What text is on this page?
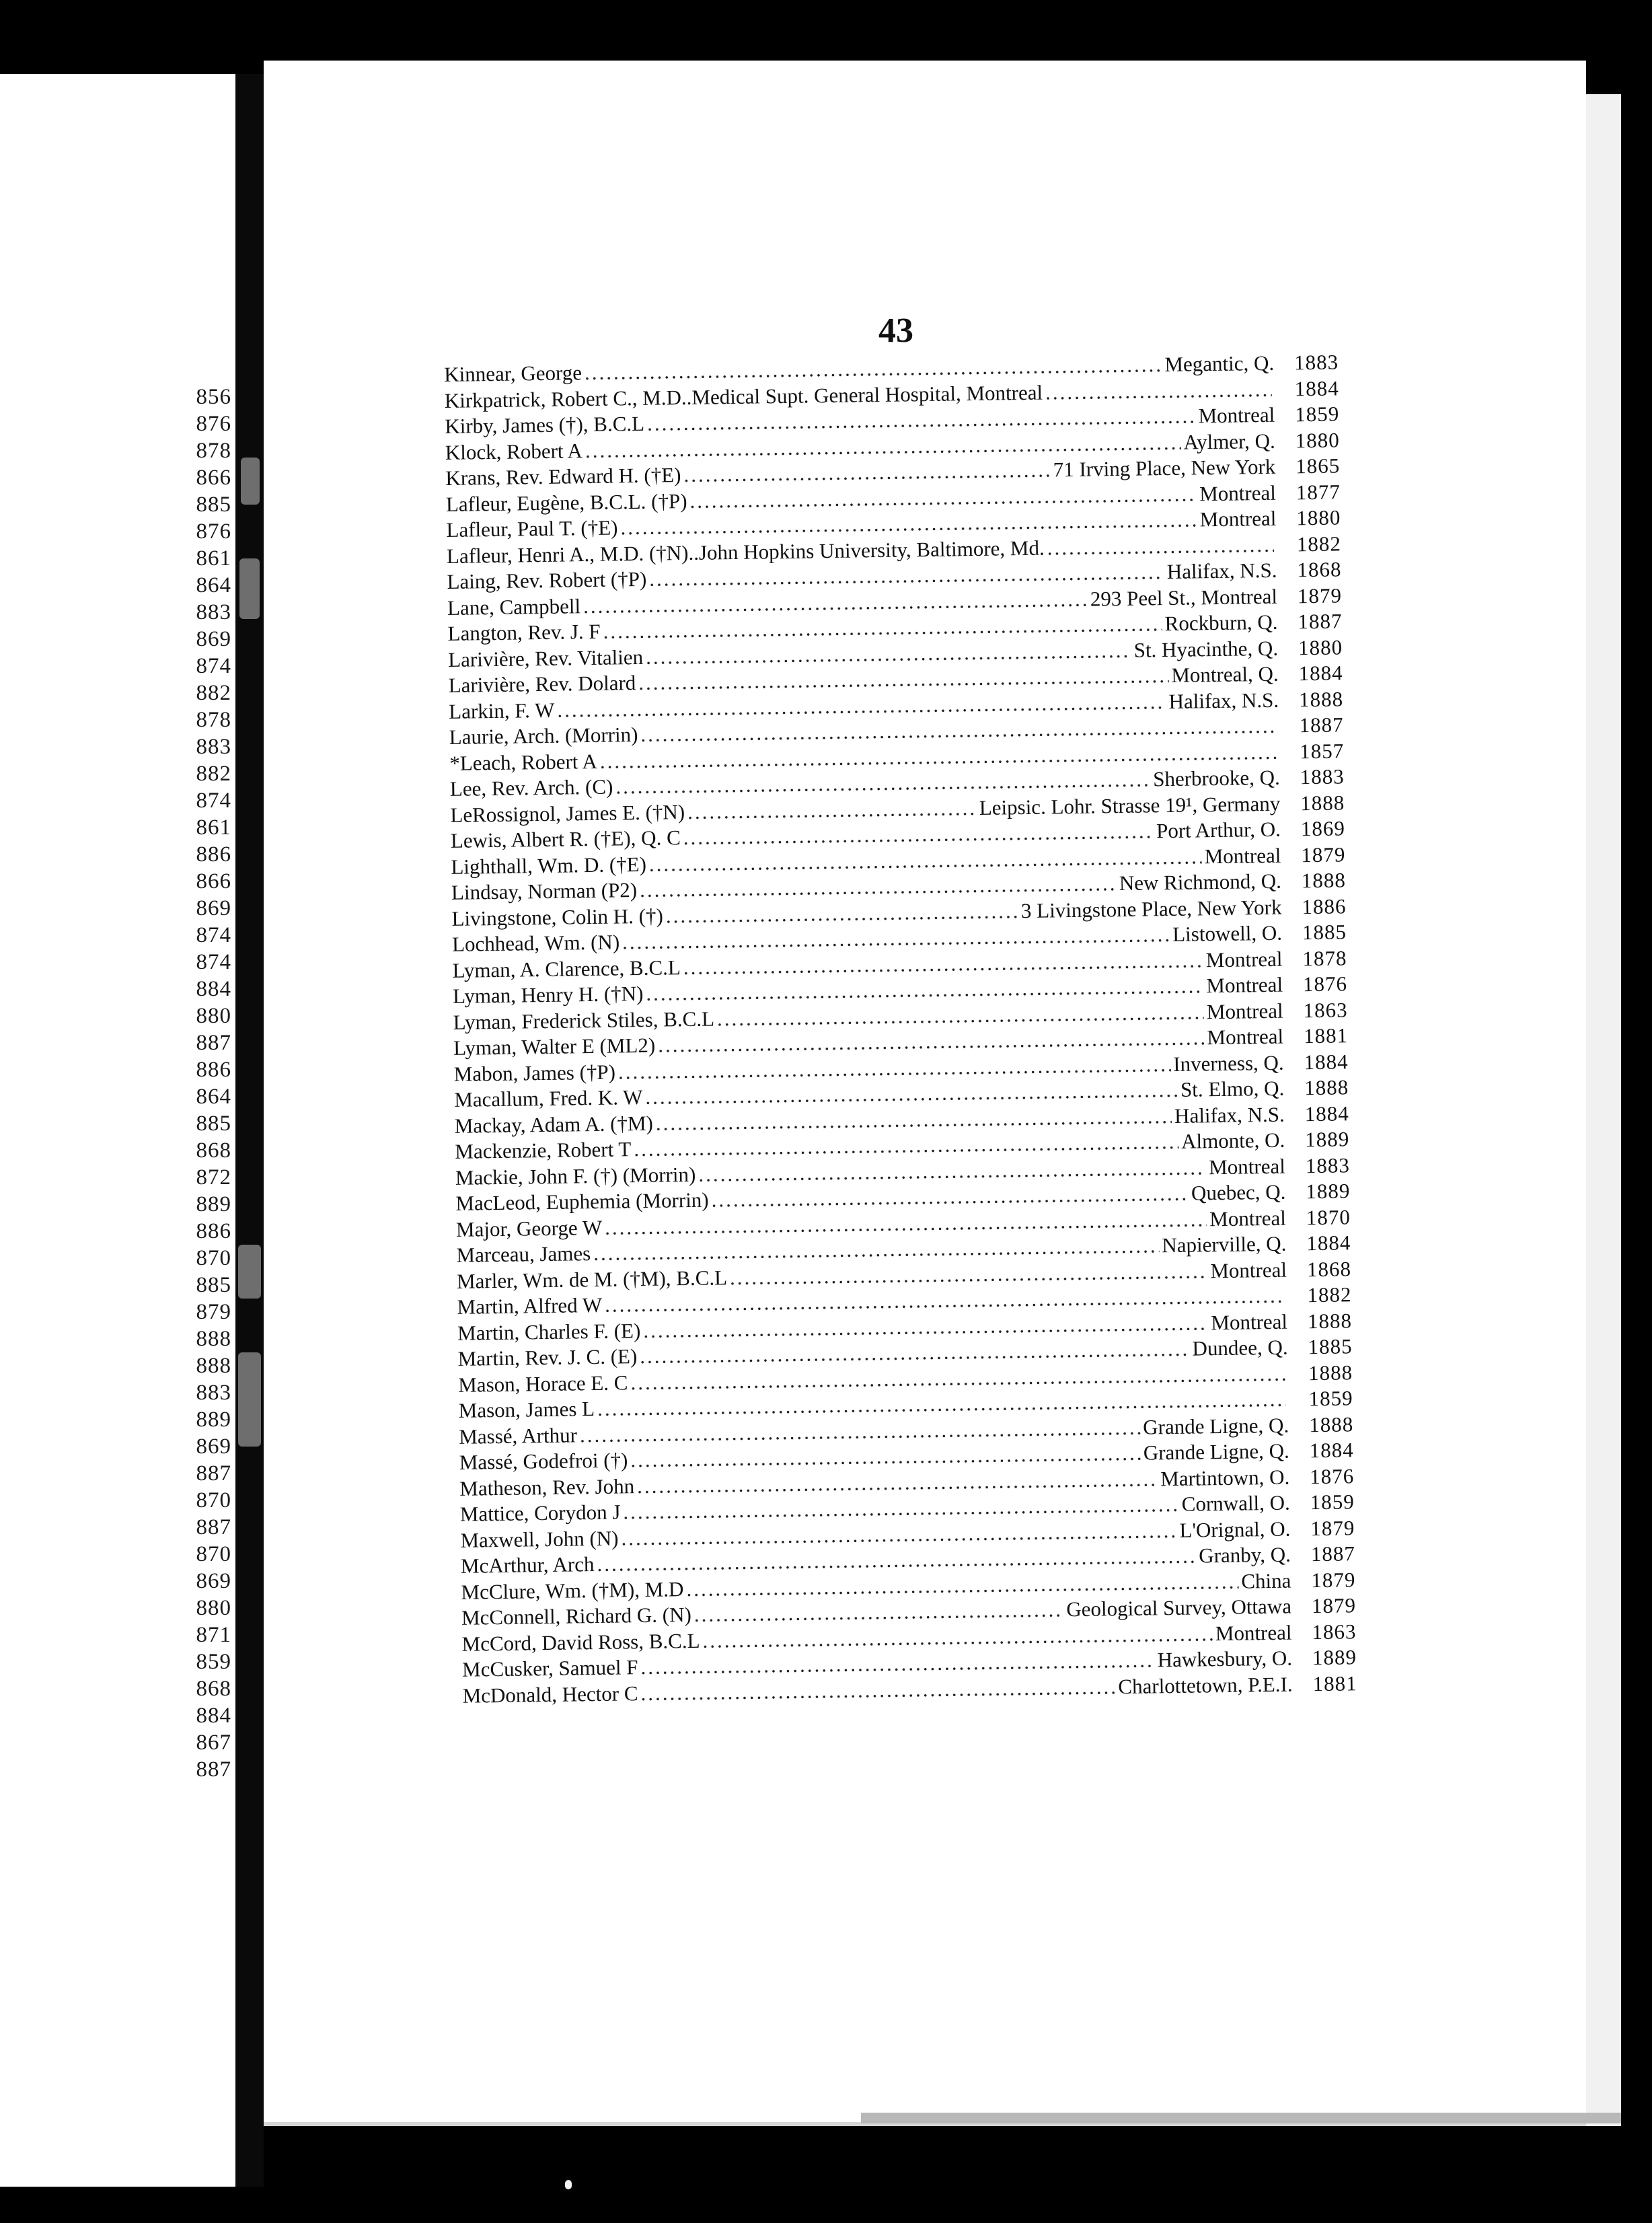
856
876
878
866
885
876
861
864
883
869
874
882
878
883
882
874
861
886
866
869
874
874
884
880
887
886
864
885
868
872
889
886
870
885
879
888
888
883
889
869
887
870
887
870
869
880
871
859
868
884
867
887
43
Kinnear, George .....	Megantic, Q. 1883
Kirkpatrick, Robert C., M.D..Medical Supt. General Hospital, Montreal .....	1884
Kirby, James (†), B.C.L .....	Montreal 1859
Klock, Robert A .....	Aylmer, Q. 1880
Krans, Rev. Edward H. (†E) .....	71 Irving Place, New York 1865
Lafleur, Eugène, B.C.L. (†P) .....	Montreal 1877
Lafleur, Paul T. (†E) .....	Montreal 1880
Lafleur, Henri A., M.D. (†N)..John Hopkins University, Baltimore, Md. .....	1882
Laing, Rev. Robert (†P) .....	Halifax, N.S. 1868
Lane, Campbell .....	293 Peel St., Montreal 1879
Langton, Rev. J. F .....	Rockburn, Q. 1887
Larivière, Rev. Vitalien .....	St. Hyacinthe, Q. 1880
Larivière, Rev. Dolard .....	Montreal, Q. 1884
Larkin, F. W .....	Halifax, N.S. 1888
Laurie, Arch. (Morrin) .....	1887
*Leach, Robert A .....	1857
Lee, Rev. Arch. (C) .....	Sherbrooke, Q. 1883
LeRossignol, James E. (†N) .....	Leipsic. Lohr. Strasse 19¹, Germany 1888
Lewis, Albert R. (†E), Q. C .....	Port Arthur, O. 1869
Lighthall, Wm. D. (†E) .....	Montreal 1879
Lindsay, Norman (P2) .....	New Richmond, Q. 1888
Livingstone, Colin H. (†) .....	3 Livingstone Place, New York 1886
Lochhead, Wm. (N) .....	Listowell, O. 1885
Lyman, A. Clarence, B.C.L .....	Montreal 1878
Lyman, Henry H. (†N) .....	Montreal 1876
Lyman, Frederick Stiles, B.C.L .....	Montreal 1863
Lyman, Walter E (ML2) .....	Montreal 1881
Mabon, James (†P) .....	Inverness, Q. 1884
Macallum, Fred. K. W .....	St. Elmo, Q. 1888
Mackay, Adam A. (†M) .....	Halifax, N.S. 1884
Mackenzie, Robert T .....	Almonte, O. 1889
Mackie, John F. (†) (Morrin) .....	Montreal 1883
MacLeod, Euphemia (Morrin) .....	Quebec, Q. 1889
Major, George W .....	Montreal 1870
Marceau, James .....	Napierville, Q. 1884
Marler, Wm. de M. (†M), B.C.L .....	Montreal 1868
Martin, Alfred W .....	1882
Martin, Charles F. (E) .....	Montreal 1888
Martin, Rev. J. C. (E) .....	Dundee, Q. 1885
Mason, Horace E. C .....	1888
Mason, James L .....	1859
Massé, Arthur .....	Grande Ligne, Q. 1888
Massé, Godefroi (†) .....	Grande Ligne, Q. 1884
Matheson, Rev. John .....	Martintown, O. 1876
Mattice, Corydon J .....	Cornwall, O. 1859
Maxwell, John (N) .....	L'Orignal, O. 1879
McArthur, Arch .....	Granby, Q. 1887
McClure, Wm. (†M), M.D .....	China 1879
McConnell, Richard G. (N) .....	Geological Survey, Ottawa 1879
McCord, David Ross, B.C.L .....	Montreal 1863
McCusker, Samuel F .....	Hawkesbury, O. 1889
McDonald, Hector C .....	Charlottetown, P.E.I. 1881
